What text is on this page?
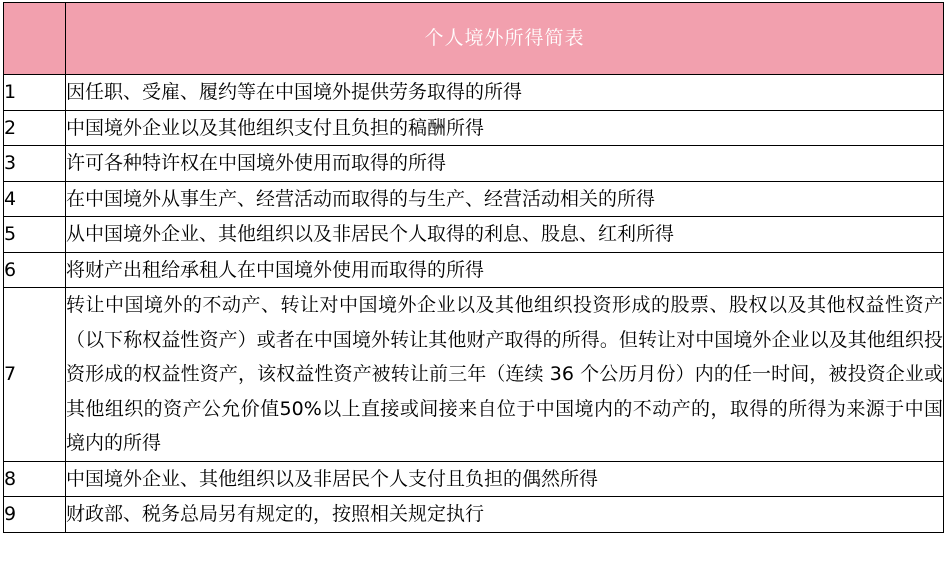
	个人境外所得简表
1	因任职、受雇、履约等在中国境外提供劳务取得的所得
2	中国境外企业以及其他组织支付且负担的稿酬所得
3	许可各种特许权在中国境外使用而取得的所得
4	在中国境外从事生产、经营活动而取得的与生产、经营活动相关的所得
5	从中国境外企业、其他组织以及非居民个人取得的利息、股息、红利所得
6	将财产出租给承租人在中国境外使用而取得的所得
7	转让中国境外的不动产、转让对中国境外企业以及其他组织投资形成的股票、股权以及其他权益性资产（以下称权益性资产）或者在中国境外转让其他财产取得的所得。但转让对中国境外企业以及其他组织投资形成的权益性资产，该权益性资产被转让前三年（连续 36 个公历月份）内的任一时间，被投资企业或其他组织的资产公允价值50%以上直接或间接来自位于中国境内的不动产的，取得的所得为来源于中国境内的所得
8	中国境外企业、其他组织以及非居民个人支付且负担的偶然所得
9	财政部、税务总局另有规定的，按照相关规定执行
